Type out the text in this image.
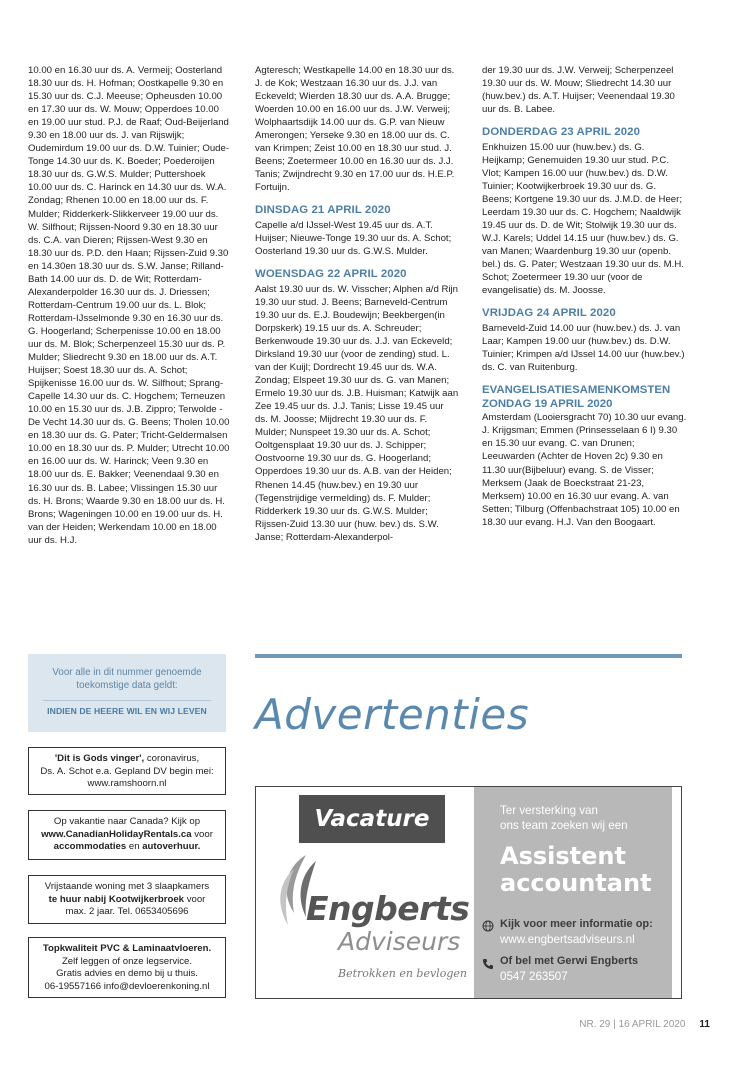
10.00 en 16.30 uur ds. A. Vermeij; Oosterland 18.30 uur ds. H. Hofman; Oostkapelle 9.30 en 15.30 uur ds. C.J. Meeuse; Opheusden 10.00 en 17.30 uur ds. W. Mouw; Opperdoes 10.00 en 19.00 uur stud. P.J. de Raaf; Oud-Beijerland 9.30 en 18.00 uur ds. J. van Rijswijk; Oudemirdum 19.00 uur ds. D.W. Tuinier; Oude-Tonge 14.30 uur ds. K. Boeder; Poederoijen 18.30 uur ds. G.W.S. Mulder; Puttershoek 10.00 uur ds. C. Harinck en 14.30 uur ds. W.A. Zondag; Rhenen 10.00 en 18.00 uur ds. F. Mulder; Ridderkerk-Slikkerveer 19.00 uur ds. W. Silfhout; Rijssen-Noord 9.30 en 18.30 uur ds. C.A. van Dieren; Rijssen-West 9.30 en 18.30 uur ds. P.D. den Haan; Rijssen-Zuid 9.30 en 14.30en 18.30 uur ds. S.W. Janse; Rilland-Bath 14.00 uur ds. D. de Wit; Rotterdam-Alexanderpolder 16.30 uur ds. J. Driessen; Rotterdam-Centrum 19.00 uur ds. L. Blok; Rotterdam-IJsselmonde 9.30 en 16.30 uur ds. G. Hoogerland; Scherpenisse 10.00 en 18.00 uur ds. M. Blok; Scherpenzeel 15.30 uur ds. P. Mulder; Sliedrecht 9.30 en 18.00 uur ds. A.T. Huijser; Soest 18.30 uur ds. A. Schot; Spijkenisse 16.00 uur ds. W. Silfhout; Sprang-Capelle 14.30 uur ds. C. Hogchem; Terneuzen 10.00 en 15.30 uur ds. J.B. Zippro; Terwolde - De Vecht 14.30 uur ds. G. Beens; Tholen 10.00 en 18.30 uur ds. G. Pater; Tricht-Geldermalsen 10.00 en 18.30 uur ds. P. Mulder; Utrecht 10.00 en 16.00 uur ds. W. Harinck; Veen 9.30 en 18.00 uur ds. E. Bakker; Veenendaal 9.30 en 16.30 uur ds. B. Labee; Vlissingen 15.30 uur ds. H. Brons; Waarde 9.30 en 18.00 uur ds. H. Brons; Wageningen 10.00 en 19.00 uur ds. H. van der Heiden; Werkendam 10.00 en 18.00 uur ds. H.J.

Agteresch; Westkapelle 14.00 en 18.30 uur ds. J. de Kok; Westzaan 16.30 uur ds. J.J. van Eckeveld; Wierden 18.30 uur ds. A.A. Brugge; Woerden 10.00 en 16.00 uur ds. J.W. Verweij; Wolphaartsdijk 14.00 uur ds. G.P. van Nieuw Amerongen; Yerseke 9.30 en 18.00 uur ds. C. van Krimpen; Zeist 10.00 en 18.30 uur stud. J. Beens; Zoetermeer 10.00 en 16.30 uur ds. J.J. Tanis; Zwijndrecht 9.30 en 17.00 uur ds. H.E.P. Fortuijn.

DINSDAG 21 APRIL 2020

Capelle a/d IJssel-West 19.45 uur ds. A.T. Huijser; Nieuwe-Tonge 19.30 uur ds. A. Schot; Oosterland 19.30 uur ds. G.W.S. Mulder.

WOENSDAG 22 APRIL 2020

Aalst 19.30 uur ds. W. Visscher; Alphen a/d Rijn 19.30 uur stud. J. Beens; Barneveld-Centrum 19.30 uur ds. E.J. Boudewijn; Beekbergen(in Dorpskerk) 19.15 uur ds. A. Schreuder; Berkenwoude 19.30 uur ds. J.J. van Eckeveld; Dirksland 19.30 uur (voor de zending) stud. L. van der Kuijl; Dordrecht 19.45 uur ds. W.A. Zondag; Elspeet 19.30 uur ds. G. van Manen; Ermelo 19.30 uur ds. J.B. Huisman; Katwijk aan Zee 19.45 uur ds. J.J. Tanis; Lisse 19.45 uur ds. M. Joosse; Mijdrecht 19.30 uur ds. F. Mulder; Nunspeet 19.30 uur ds. A. Schot; Ooltgensplaat 19.30 uur ds. J. Schipper; Oostvoorne 19.30 uur ds. G. Hoogerland; Opperdoes 19.30 uur ds. A.B. van der Heiden; Rhenen 14.45 (huw.bev.) en 19.30 uur (Tegenstrijdige vermelding) ds. F. Mulder; Ridderkerk 19.30 uur ds. G.W.S. Mulder; Rijssen-Zuid 13.30 uur (huw. bev.) ds. S.W. Janse; Rotterdam-Alexanderpol-

der 19.30 uur ds. J.W. Verweij; Scherpenzeel 19.30 uur ds. W. Mouw; Sliedrecht 14.30 uur (huw.bev.) ds. A.T. Huijser; Veenendaal 19.30 uur ds. B. Labee.

DONDERDAG 23 APRIL 2020

Enkhuizen 15.00 uur (huw.bev.) ds. G. Heijkamp; Genemuiden 19.30 uur stud. P.C. Vlot; Kampen 16.00 uur (huw.bev.) ds. D.W. Tuinier; Kootwijkerbroek 19.30 uur ds. G. Beens; Kortgene 19.30 uur ds. J.M.D. de Heer; Leerdam 19.30 uur ds. C. Hogchem; Naaldwijk 19.45 uur ds. D. de Wit; Stolwijk 19.30 uur ds. W.J. Karels; Uddel 14.15 uur (huw.bev.) ds. G. van Manen; Waardenburg 19.30 uur (openb. bel.) ds. G. Pater; Westzaan 19.30 uur ds. M.H. Schot; Zoetermeer 19.30 uur (voor de evangelisatie) ds. M. Joosse.

VRIJDAG 24 APRIL 2020

Barneveld-Zuid 14.00 uur (huw.bev.) ds. J. van Laar; Kampen 19.00 uur (huw.bev.) ds. D.W. Tuinier; Krimpen a/d IJssel 14.00 uur (huw.bev.) ds. C. van Ruitenburg.

EVANGELISATIESAMENKOMSTEN
ZONDAG 19 APRIL 2020

Amsterdam (Looiersgracht 70) 10.30 uur evang. J. Krijgsman; Emmen (Prinsesselaan 6 I) 9.30 en 15.30 uur evang. C. van Drunen; Leeuwarden (Achter de Hoven 2c) 9.30 en 11.30 uur(Bijbeluur) evang. S. de Visser; Merksem (Jaak de Boeckstraat 21-23, Merksem) 10.00 en 16.30 uur evang. A. van Setten; Tilburg (Offenbachstraat 105) 10.00 en 18.30 uur evang. H.J. Van den Boogaart.

Voor alle in dit nummer genoemde toekomstige data geldt:
INDIEN DE HEERE WIL EN WIJ LEVEN
'Dit is Gods vinger', coronavirus,
Ds. A. Schot e.a. Gepland DV begin mei:
www.ramshoorn.nl
Op vakantie naar Canada? Kijk op
www.CanadianHolidayRentals.ca voor
accommodaties en autoverhuur.
Vrijstaande woning met 3 slaapkamers
te huur nabij Kootwijkerbroek voor
max. 2 jaar. Tel. 0653405696
Topkwaliteit PVC & Laminaatvloeren.
Zelf leggen of onze legservice.
Gratis advies en demo bij u thuis.
06-19557166 info@devloerenkoning.nl
Advertenties
Vacature
Engberts
Adviseurs
Betrokken en bevlogen
Ter versterking van
ons team zoeken wij een
Assistent
accountant
Kijk voor meer informatie op:
www.engbertsadviseurs.nl
Of bel met Gerwi Engberts
0547 263507
NR. 29 | 16 APRIL 2020 11
